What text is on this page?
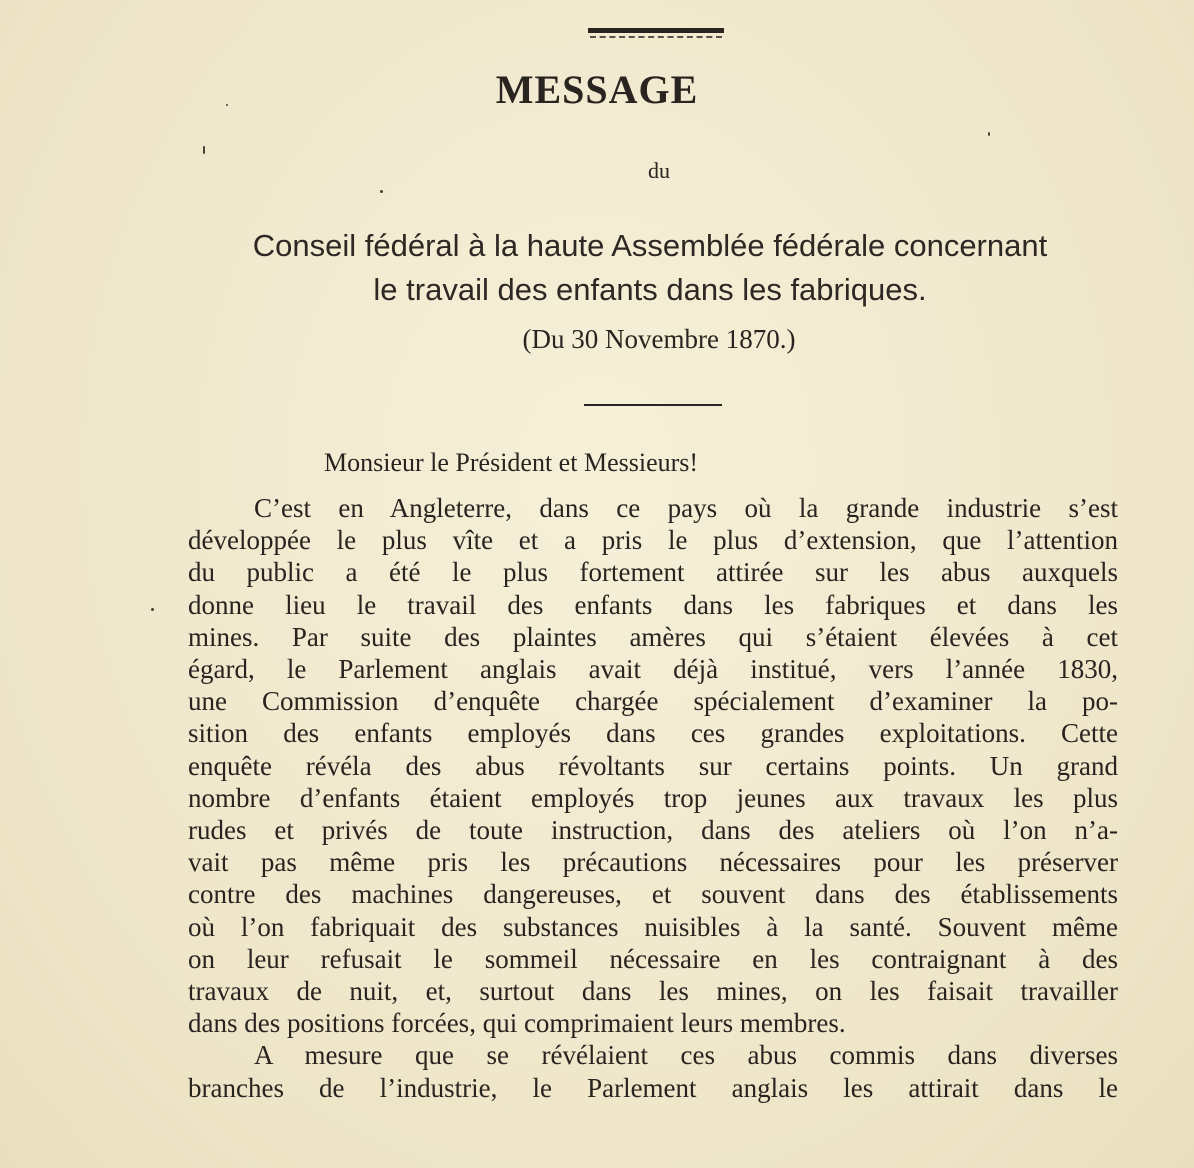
MESSAGE
du
Conseil fédéral à la haute Assemblée fédérale concernant
le travail des enfants dans les fabriques.
(Du 30 Novembre 1870.)
Monsieur le Président et Messieurs!
C’est en Angleterre, dans ce pays où la grande industrie s’est
développée le plus vîte et a pris le plus d’extension, que l’attention
du public a été le plus fortement attirée sur les abus auxquels
donne lieu le travail des enfants dans les fabriques et dans les
mines. Par suite des plaintes amères qui s’étaient élevées à cet
égard, le Parlement anglais avait déjà institué, vers l’année 1830,
une Commission d’enquête chargée spécialement d’examiner la po-
sition des enfants employés dans ces grandes exploitations. Cette
enquête révéla des abus révoltants sur certains points. Un grand
nombre d’enfants étaient employés trop jeunes aux travaux les plus
rudes et privés de toute instruction, dans des ateliers où l’on n’a-
vait pas même pris les précautions nécessaires pour les préserver
contre des machines dangereuses, et souvent dans des établissements
où l’on fabriquait des substances nuisibles à la santé. Souvent même
on leur refusait le sommeil nécessaire en les contraignant à des
travaux de nuit, et, surtout dans les mines, on les faisait travailler
dans des positions forcées, qui comprimaient leurs membres.
A mesure que se révélaient ces abus commis dans diverses
branches de l’industrie, le Parlement anglais les attirait dans le
